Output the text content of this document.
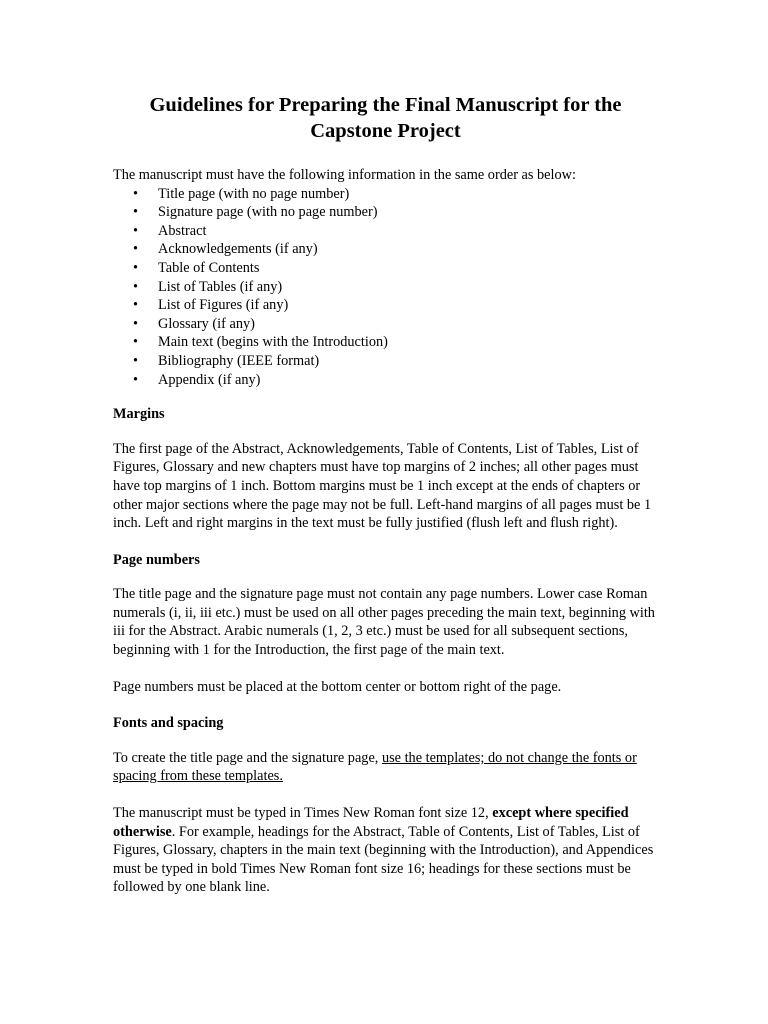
Guidelines for Preparing the Final Manuscript for the Capstone Project

The manuscript must have the following information in the same order as below:

• Title page (with no page number)
• Signature page (with no page number)
• Abstract
• Acknowledgements (if any)
• Table of Contents
• List of Tables (if any)
• List of Figures (if any)
• Glossary (if any)
• Main text (begins with the Introduction)
• Bibliography (IEEE format)
• Appendix (if any)
Margins

The first page of the Abstract, Acknowledgements, Table of Contents, List of Tables, List of Figures, Glossary and new chapters must have top margins of 2 inches; all other pages must have top margins of 1 inch. Bottom margins must be 1 inch except at the ends of chapters or other major sections where the page may not be full. Left-hand margins of all pages must be 1 inch. Left and right margins in the text must be fully justified (flush left and flush right).

Page numbers

The title page and the signature page must not contain any page numbers. Lower case Roman numerals (i, ii, iii etc.) must be used on all other pages preceding the main text, beginning with iii for the Abstract. Arabic numerals (1, 2, 3 etc.) must be used for all subsequent sections, beginning with 1 for the Introduction, the first page of the main text.

Page numbers must be placed at the bottom center or bottom right of the page.

Fonts and spacing

To create the title page and the signature page, use the templates; do not change the fonts or spacing from these templates.

The manuscript must be typed in Times New Roman font size 12, except where specified otherwise. For example, headings for the Abstract, Table of Contents, List of Tables, List of Figures, Glossary, chapters in the main text (beginning with the Introduction), and Appendices must be typed in bold Times New Roman font size 16; headings for these sections must be followed by one blank line.
